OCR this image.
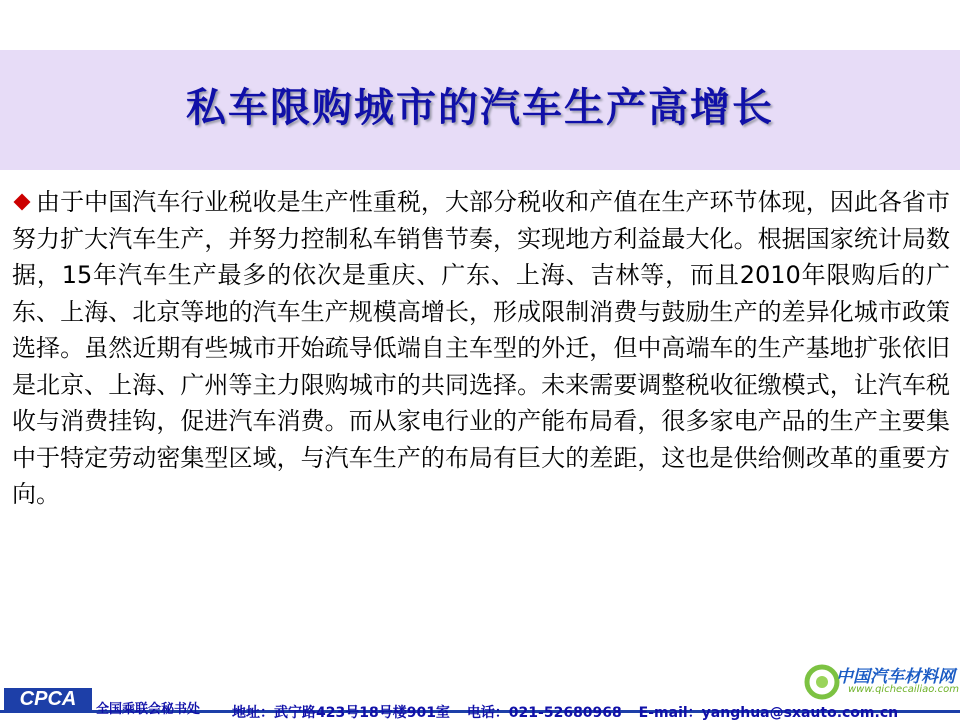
私车限购城市的汽车生产高增长
由于中国汽车行业税收是生产性重税，大部分税收和产值在生产环节体现，因此各省市努力扩大汽车生产，并努力控制私车销售节奏，实现地方利益最大化。根据国家统计局数据，15年汽车生产最多的依次是重庆、广东、上海、吉林等，而且2010年限购后的广东、上海、北京等地的汽车生产规模高增长，形成限制消费与鼓励生产的差异化城市政策选择。虽然近期有些城市开始疏导低端自主车型的外迁，但中高端车的生产基地扩张依旧是北京、上海、广州等主力限购城市的共同选择。未来需要调整税收征缴模式，让汽车税收与消费挂钩，促进汽车消费。而从家电行业的产能布局看，很多家电产品的生产主要集中于特定劳动密集型区域，与汽车生产的布局有巨大的差距，这也是供给侧改革的重要方向。
中国汽车材料网
www.qichecailiao.com
CPCA	全国乘联会秘书处 地址：武宁路423号18号楼901室 电话：021-52680968 E-mail：yanghua@sxauto.com.cn
